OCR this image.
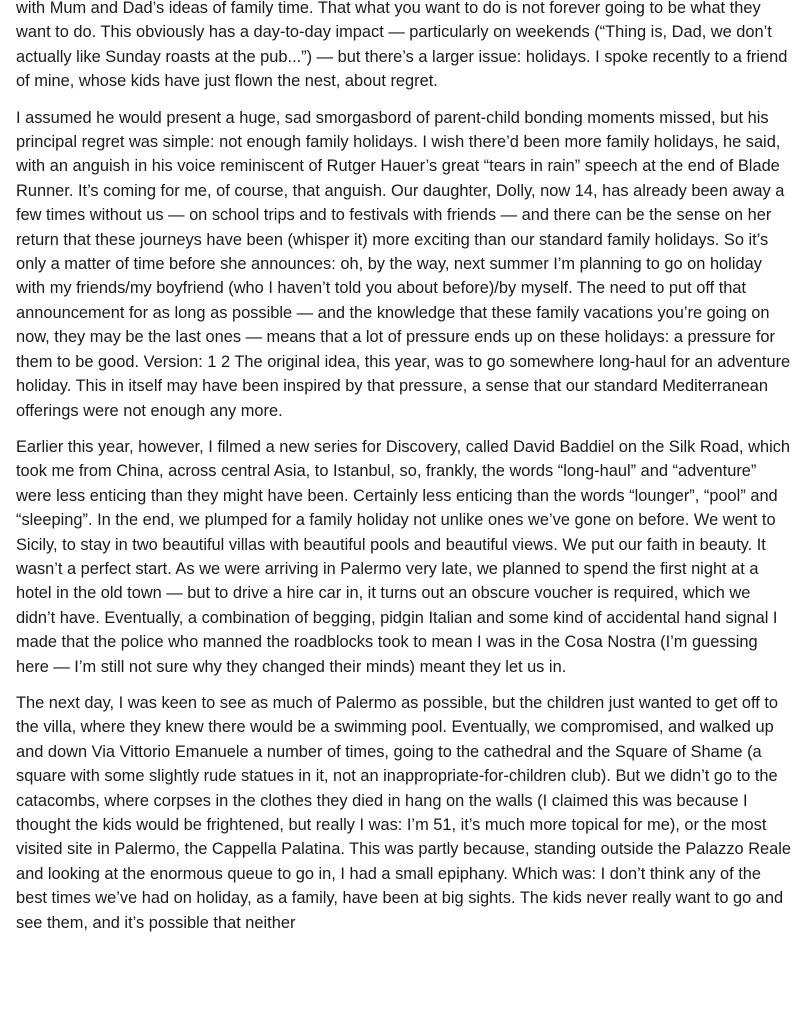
with Mum and Dad’s ideas of family time. That what you want to do is not forever going to be what they want to do. This obviously has a day-to-day impact — particularly on weekends (“Thing is, Dad, we don’t actually like Sunday roasts at the pub...”) — but there’s a larger issue: holidays. I spoke recently to a friend of mine, whose kids have just flown the nest, about regret.

I assumed he would present a huge, sad smorgasbord of parent-child bonding moments missed, but his principal regret was simple: not enough family holidays. I wish there’d been more family holidays, he said, with an anguish in his voice reminiscent of Rutger Hauer’s great “tears in rain” speech at the end of Blade Runner. It’s coming for me, of course, that anguish. Our daughter, Dolly, now 14, has already been away a few times without us — on school trips and to festivals with friends — and there can be the sense on her return that these journeys have been (whisper it) more exciting than our standard family holidays. So it’s only a matter of time before she announces: oh, by the way, next summer I’m planning to go on holiday with my friends/my boyfriend (who I haven’t told you about before)/by myself. The need to put off that announcement for as long as possible — and the knowledge that these family vacations you’re going on now, they may be the last ones — means that a lot of pressure ends up on these holidays: a pressure for them to be good. Version: 1 2 The original idea, this year, was to go somewhere long-haul for an adventure holiday. This in itself may have been inspired by that pressure, a sense that our standard Mediterranean offerings were not enough any more.

Earlier this year, however, I filmed a new series for Discovery, called David Baddiel on the Silk Road, which took me from China, across central Asia, to Istanbul, so, frankly, the words “long-haul” and “adventure” were less enticing than they might have been. Certainly less enticing than the words “lounger”, “pool” and “sleeping”. In the end, we plumped for a family holiday not unlike ones we’ve gone on before. We went to Sicily, to stay in two beautiful villas with beautiful pools and beautiful views. We put our faith in beauty. It wasn’t a perfect start. As we were arriving in Palermo very late, we planned to spend the first night at a hotel in the old town — but to drive a hire car in, it turns out an obscure voucher is required, which we didn’t have. Eventually, a combination of begging, pidgin Italian and some kind of accidental hand signal I made that the police who manned the roadblocks took to mean I was in the Cosa Nostra (I’m guessing here — I’m still not sure why they changed their minds) meant they let us in.

The next day, I was keen to see as much of Palermo as possible, but the children just wanted to get off to the villa, where they knew there would be a swimming pool. Eventually, we compromised, and walked up and down Via Vittorio Emanuele a number of times, going to the cathedral and the Square of Shame (a square with some slightly rude statues in it, not an inappropriate-for-children club). But we didn’t go to the catacombs, where corpses in the clothes they died in hang on the walls (I claimed this was because I thought the kids would be frightened, but really I was: I’m 51, it’s much more topical for me), or the most visited site in Palermo, the Cappella Palatina. This was partly because, standing outside the Palazzo Reale and looking at the enormous queue to go in, I had a small epiphany. Which was: I don’t think any of the best times we’ve had on holiday, as a family, have been at big sights. The kids never really want to go and see them, and it’s possible that neither
